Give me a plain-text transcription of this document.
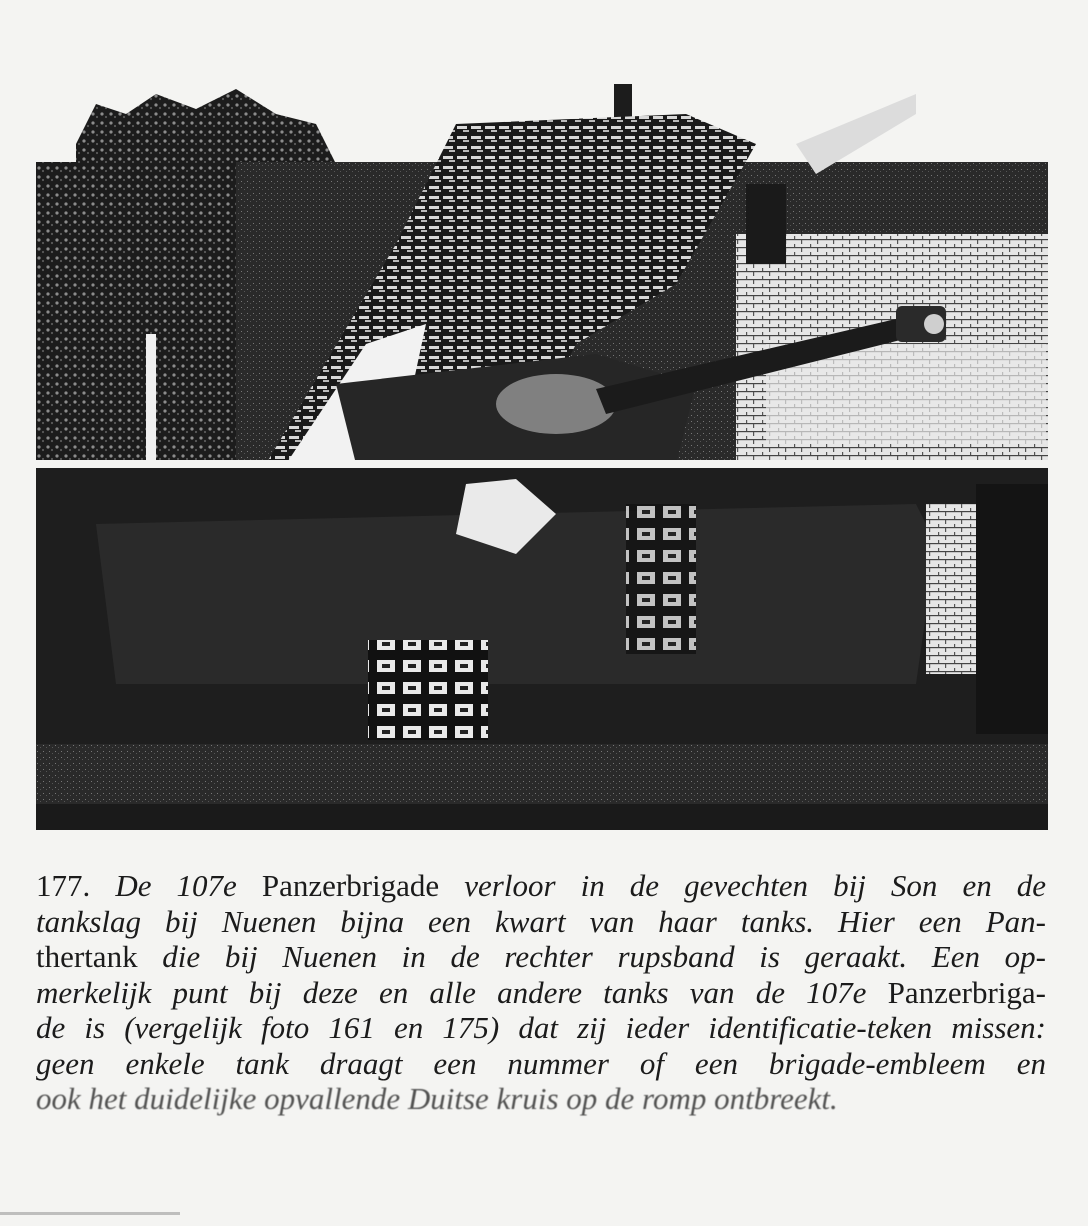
177. De 107e Panzerbrigade verloor in de gevechten bij Son en de
tankslag bij Nuenen bijna een kwart van haar tanks. Hier een Pan-
thertank die bij Nuenen in de rechter rupsband is geraakt. Een op-
merkelijk punt bij deze en alle andere tanks van de 107e Panzerbriga-
de is (vergelijk foto 161 en 175) dat zij ieder identificatie-teken missen:
geen enkele tank draagt een nummer of een brigade-embleem en
ook het duidelijke opvallende Duitse kruis op de romp ontbreekt.
